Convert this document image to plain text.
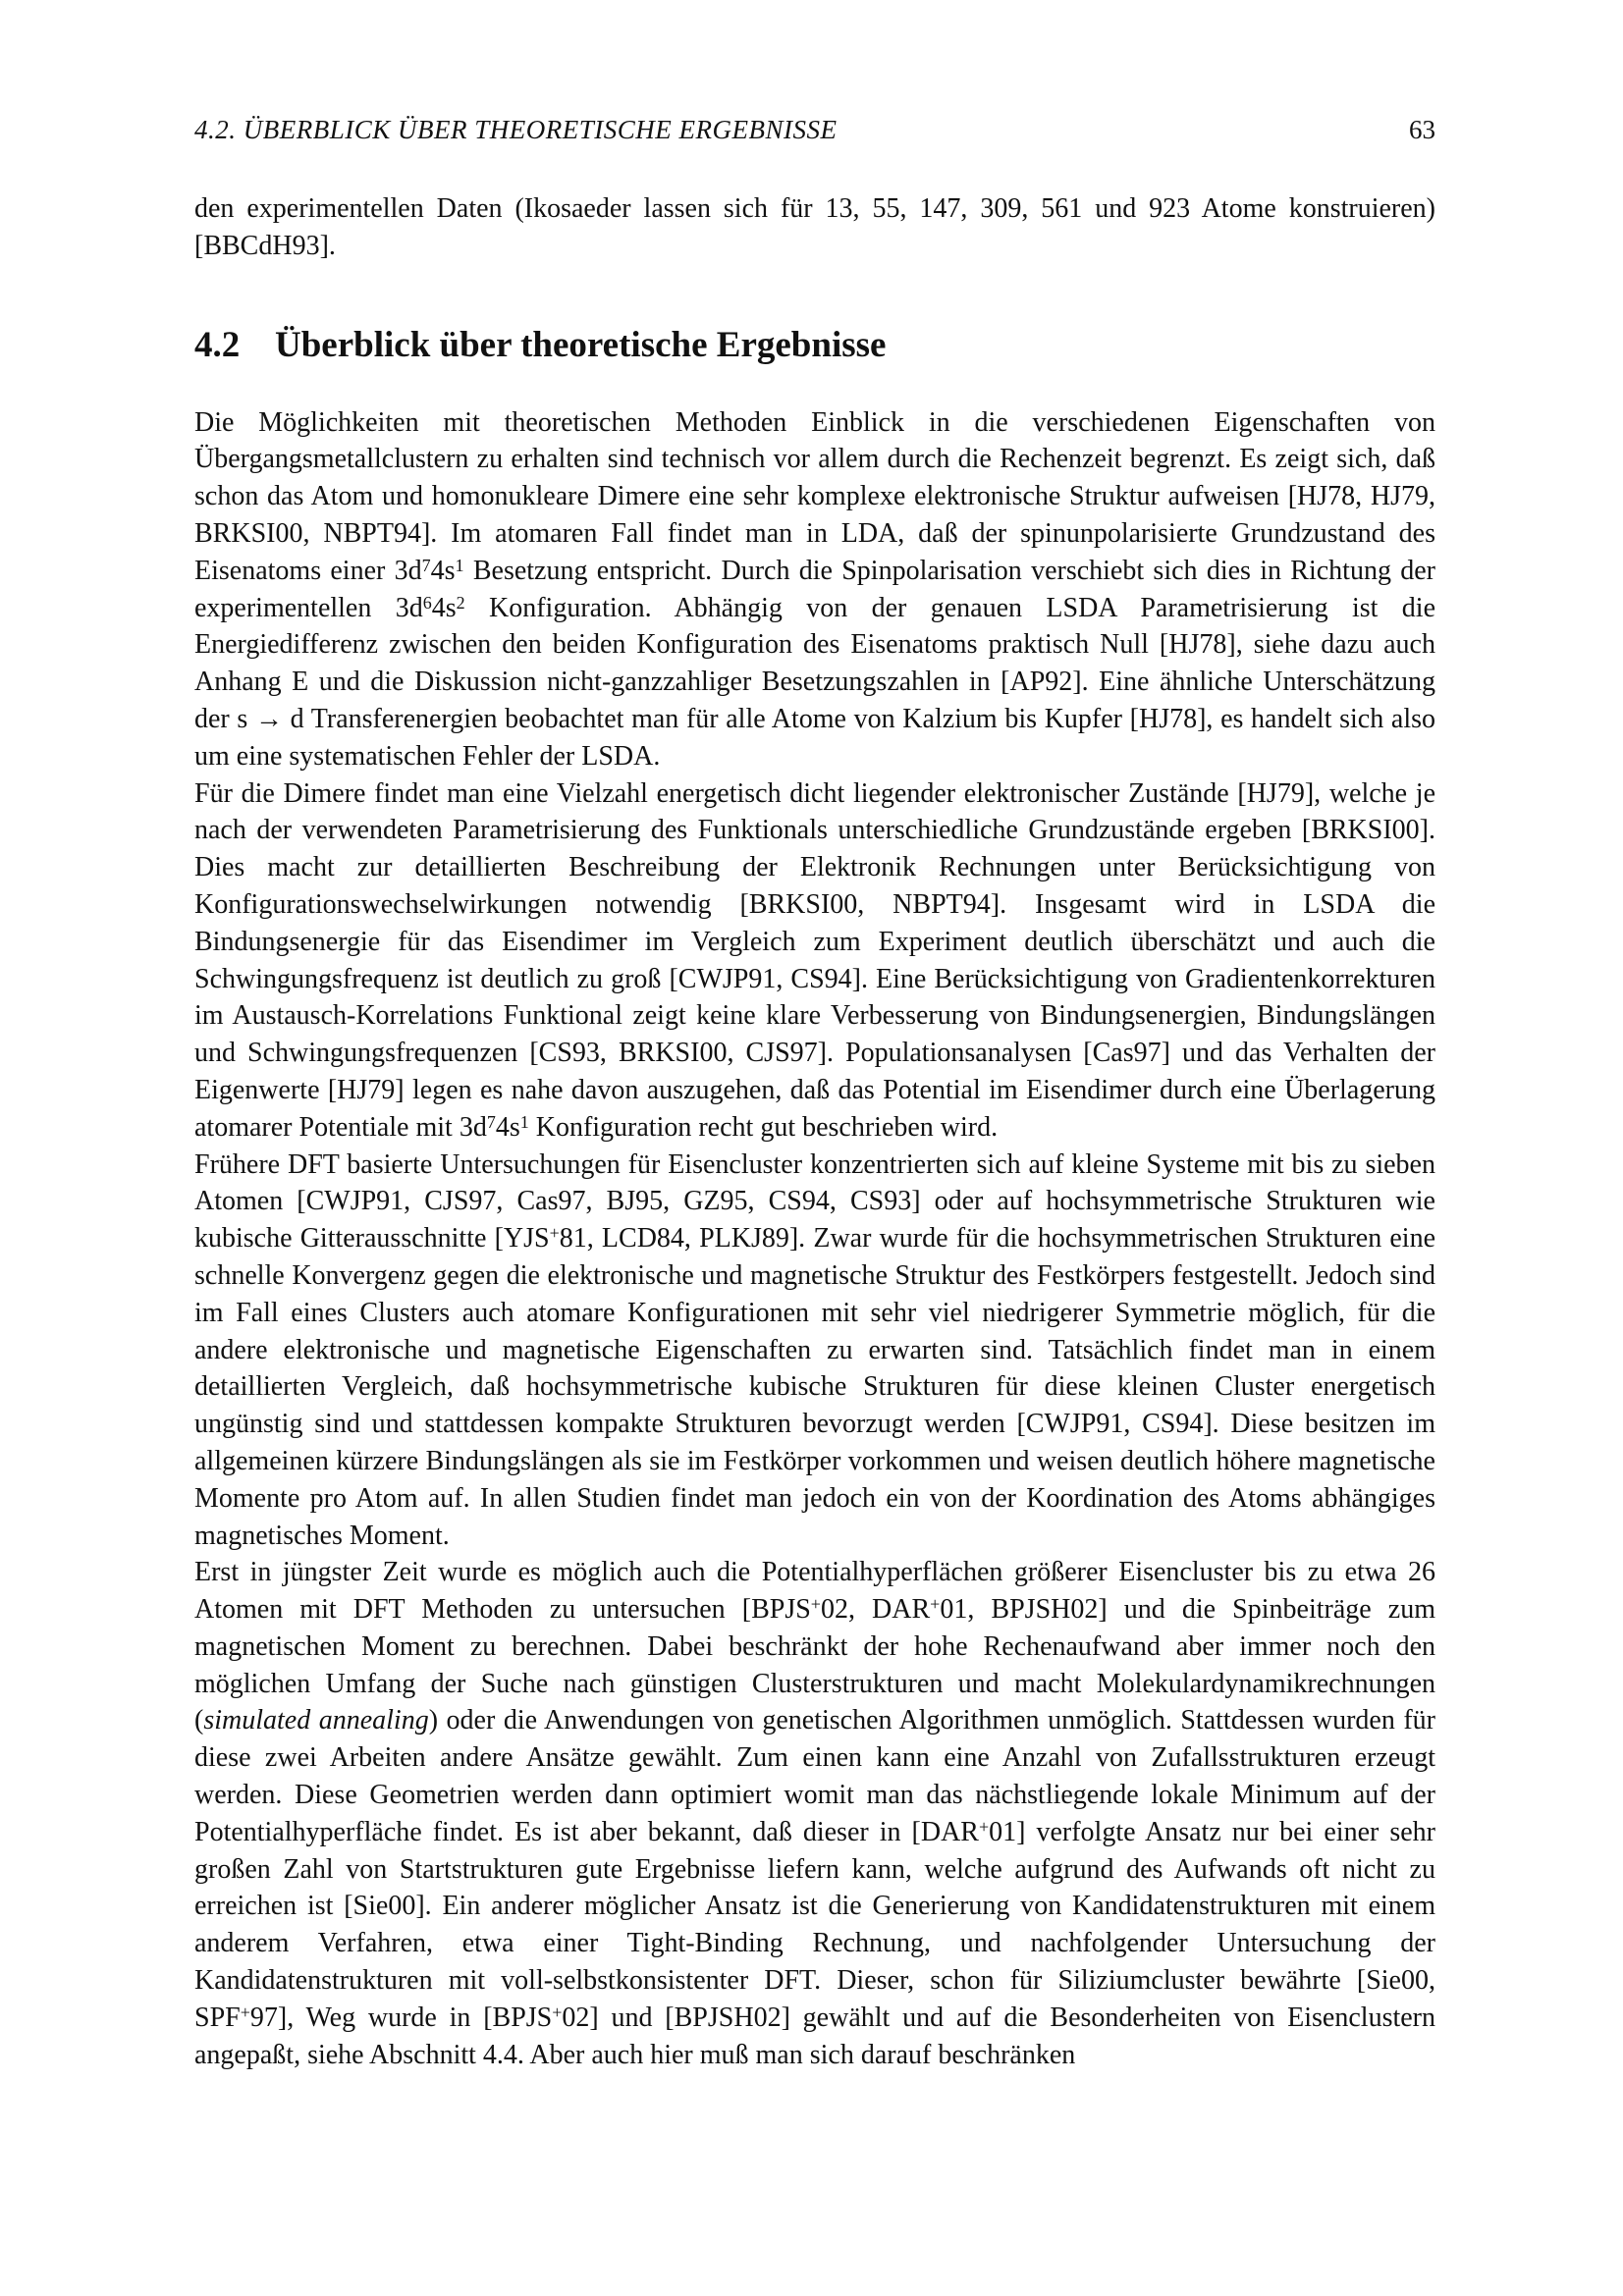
4.2. ÜBERBLICK ÜBER THEORETISCHE ERGEBNISSE	63

den experimentellen Daten (Ikosaeder lassen sich für 13, 55, 147, 309, 561 und 923 Atome konstruieren) [BBCdH93].

4.2 Überblick über theoretische Ergebnisse

Die Möglichkeiten mit theoretischen Methoden Einblick in die verschiedenen Eigenschaften von Übergangsmetallclustern zu erhalten sind technisch vor allem durch die Rechenzeit begrenzt. Es zeigt sich, daß schon das Atom und homonukleare Dimere eine sehr komplexe elektronische Struktur aufweisen [HJ78, HJ79, BRKSI00, NBPT94]. Im atomaren Fall findet man in LDA, daß der spinunpolarisierte Grundzustand des Eisenatoms einer $3d^74s^1$ Besetzung entspricht. Durch die Spinpolarisation verschiebt sich dies in Richtung der experimentellen $3d^64s^2$ Konfiguration. Abhängig von der genauen LSDA Parametrisierung ist die Energiedifferenz zwischen den beiden Konfiguration des Eisenatoms praktisch Null [HJ78], siehe dazu auch Anhang E und die Diskussion nicht-ganzzahliger Besetzungszahlen in [AP92]. Eine ähnliche Unterschätzung der s → d Transferenergien beobachtet man für alle Atome von Kalzium bis Kupfer [HJ78], es handelt sich also um eine systematischen Fehler der LSDA.

Für die Dimere findet man eine Vielzahl energetisch dicht liegender elektronischer Zustände [HJ79], welche je nach der verwendeten Parametrisierung des Funktionals unterschiedliche Grundzustände ergeben [BRKSI00]. Dies macht zur detaillierten Beschreibung der Elektronik Rechnungen unter Berücksichtigung von Konfigurationswechselwirkungen notwendig [BRKSI00, NBPT94]. Insgesamt wird in LSDA die Bindungsenergie für das Eisendimer im Vergleich zum Experiment deutlich überschätzt und auch die Schwingungsfrequenz ist deutlich zu groß [CWJP91, CS94]. Eine Berücksichtigung von Gradientenkorrekturen im Austausch-Korrelations Funktional zeigt keine klare Verbesserung von Bindungsenergien, Bindungslängen und Schwingungsfrequenzen [CS93, BRKSI00, CJS97]. Populationsanalysen [Cas97] und das Verhalten der Eigenwerte [HJ79] legen es nahe davon auszugehen, daß das Potential im Eisendimer durch eine Überlagerung atomarer Potentiale mit $3d^74s^1$ Konfiguration recht gut beschrieben wird.

Frühere DFT basierte Untersuchungen für Eisencluster konzentrierten sich auf kleine Systeme mit bis zu sieben Atomen [CWJP91, CJS97, Cas97, BJ95, GZ95, CS94, CS93] oder auf hochsymmetrische Strukturen wie kubische Gitterausschnitte [YJS+81, LCD84, PLKJ89]. Zwar wurde für die hochsymmetrischen Strukturen eine schnelle Konvergenz gegen die elektronische und magnetische Struktur des Festkörpers festgestellt. Jedoch sind im Fall eines Clusters auch atomare Konfigurationen mit sehr viel niedrigerer Symmetrie möglich, für die andere elektronische und magnetische Eigenschaften zu erwarten sind. Tatsächlich findet man in einem detaillierten Vergleich, daß hochsymmetrische kubische Strukturen für diese kleinen Cluster energetisch ungünstig sind und stattdessen kompakte Strukturen bevorzugt werden [CWJP91, CS94]. Diese besitzen im allgemeinen kürzere Bindungslängen als sie im Festkörper vorkommen und weisen deutlich höhere magnetische Momente pro Atom auf. In allen Studien findet man jedoch ein von der Koordination des Atoms abhängiges magnetisches Moment.

Erst in jüngster Zeit wurde es möglich auch die Potentialhyperflächen größerer Eisencluster bis zu etwa 26 Atomen mit DFT Methoden zu untersuchen [BPJS+02, DAR+01, BPJSH02] und die Spinbeiträge zum magnetischen Moment zu berechnen. Dabei beschränkt der hohe Rechenaufwand aber immer noch den möglichen Umfang der Suche nach günstigen Clusterstrukturen und macht Molekulardynamikrechnungen (simulated annealing) oder die Anwendungen von genetischen Algorithmen unmöglich. Stattdessen wurden für diese zwei Arbeiten andere Ansätze gewählt. Zum einen kann eine Anzahl von Zufallsstrukturen erzeugt werden. Diese Geometrien werden dann optimiert womit man das nächstliegende lokale Minimum auf der Potentialhyperfläche findet. Es ist aber bekannt, daß dieser in [DAR+01] verfolgte Ansatz nur bei einer sehr großen Zahl von Startstrukturen gute Ergebnisse liefern kann, welche aufgrund des Aufwands oft nicht zu erreichen ist [Sie00]. Ein anderer möglicher Ansatz ist die Generierung von Kandidatenstrukturen mit einem anderem Verfahren, etwa einer Tight-Binding Rechnung, und nachfolgender Untersuchung der Kandidatenstrukturen mit voll-selbstkonsistenter DFT. Dieser, schon für Siliziumcluster bewährte [Sie00, SPF+97], Weg wurde in [BPJS+02] und [BPJSH02] gewählt und auf die Besonderheiten von Eisenclustern angepaßt, siehe Abschnitt 4.4. Aber auch hier muß man sich darauf beschränken
